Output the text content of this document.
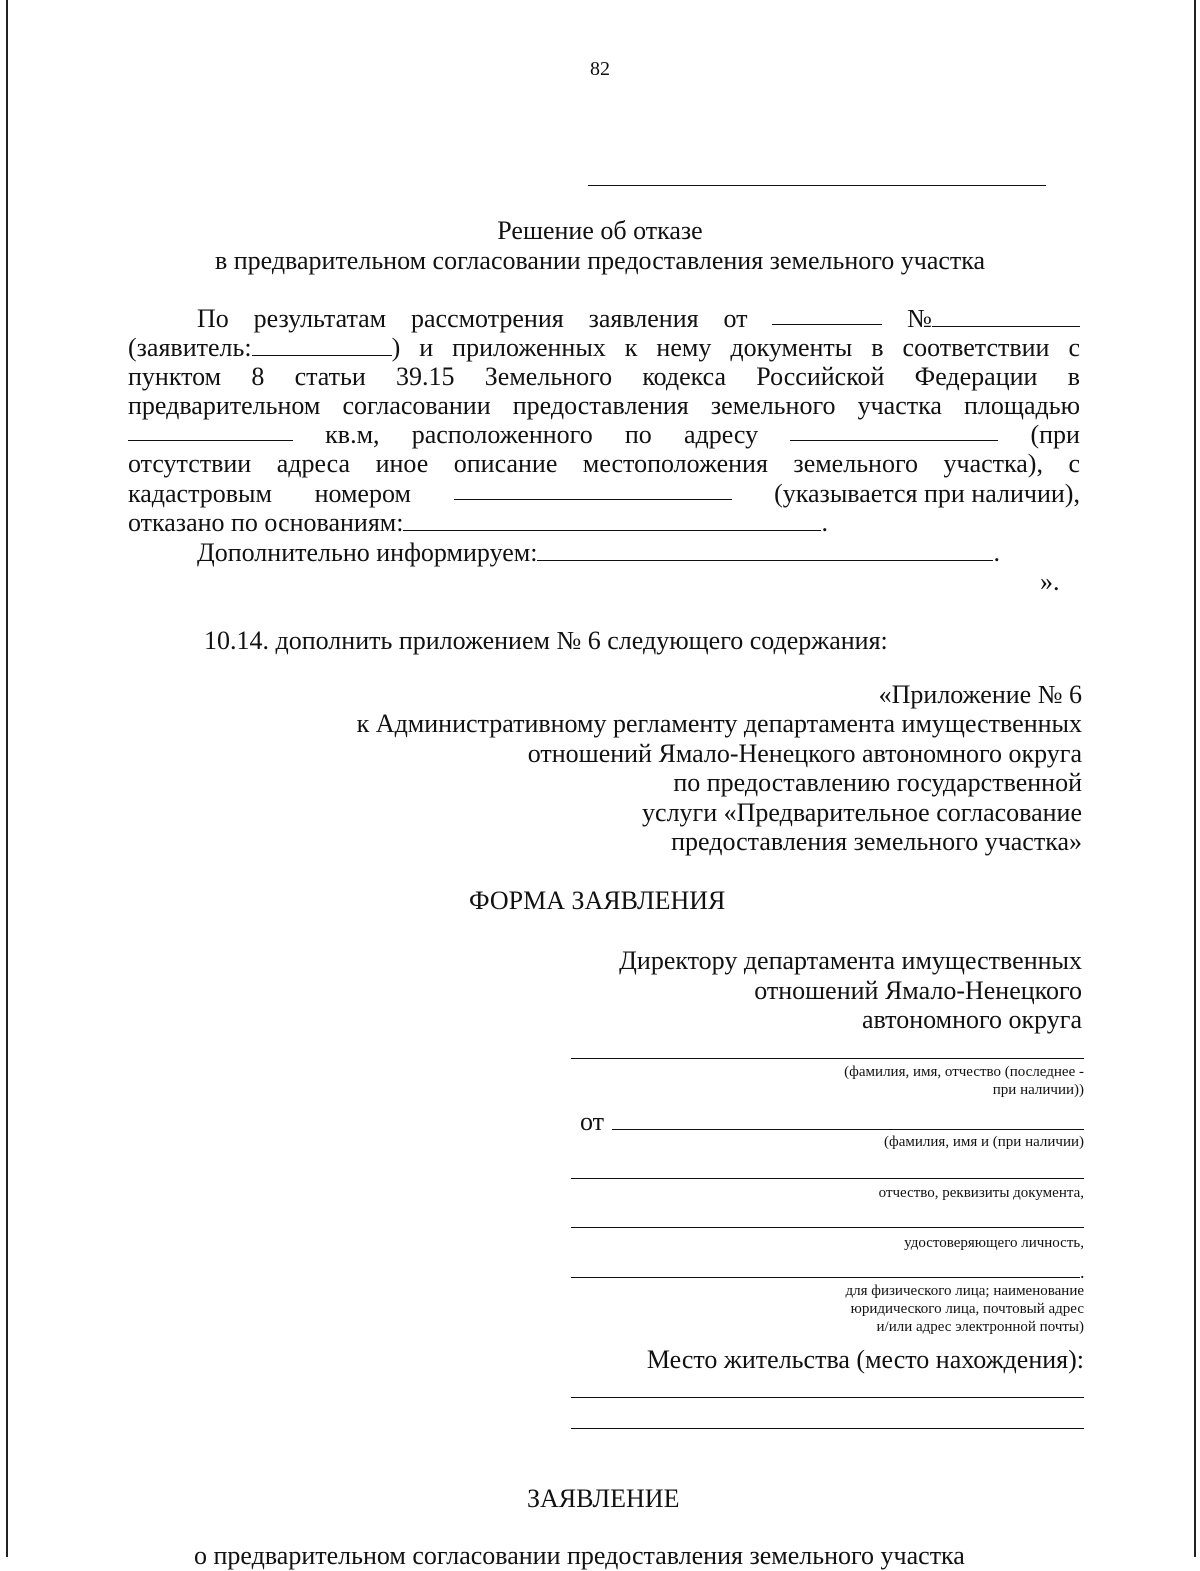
82
Решение об отказе
в предварительном согласовании предоставления земельного участка
По результатам рассмотрения заявления от	№
(заявитель:	) и приложенных к нему документы в соответствии с
пунктом 8 статьи 39.15 Земельного кодекса Российской Федерации в
предварительном согласовании предоставления земельного участка площадью
кв.м, расположенного по адресу	(при
отсутствии адреса иное описание местоположения земельного участка), с
кадастровым номером	(указывается при наличии),
отказано по основаниям:	.
Дополнительно информируем:	.
».
10.14. дополнить приложением № 6 следующего содержания:
«Приложение № 6
к Административному регламенту департамента имущественных
отношений Ямало-Ненецкого автономного округа
по предоставлению государственной
услуги «Предварительное согласование
предоставления земельного участка»
ФОРМА ЗАЯВЛЕНИЯ
Директору департамента имущественных
отношений Ямало-Ненецкого
автономного округа
(фамилия, имя, отчество (последнее -
при наличии))
от
(фамилия, имя и (при наличии)
отчество, реквизиты документа,
удостоверяющего личность,
.
для физического лица; наименование
юридического лица, почтовый адрес
и/или адрес электронной почты)
Место жительства (место нахождения):
ЗАЯВЛЕНИЕ
о предварительном согласовании предоставления земельного участка
